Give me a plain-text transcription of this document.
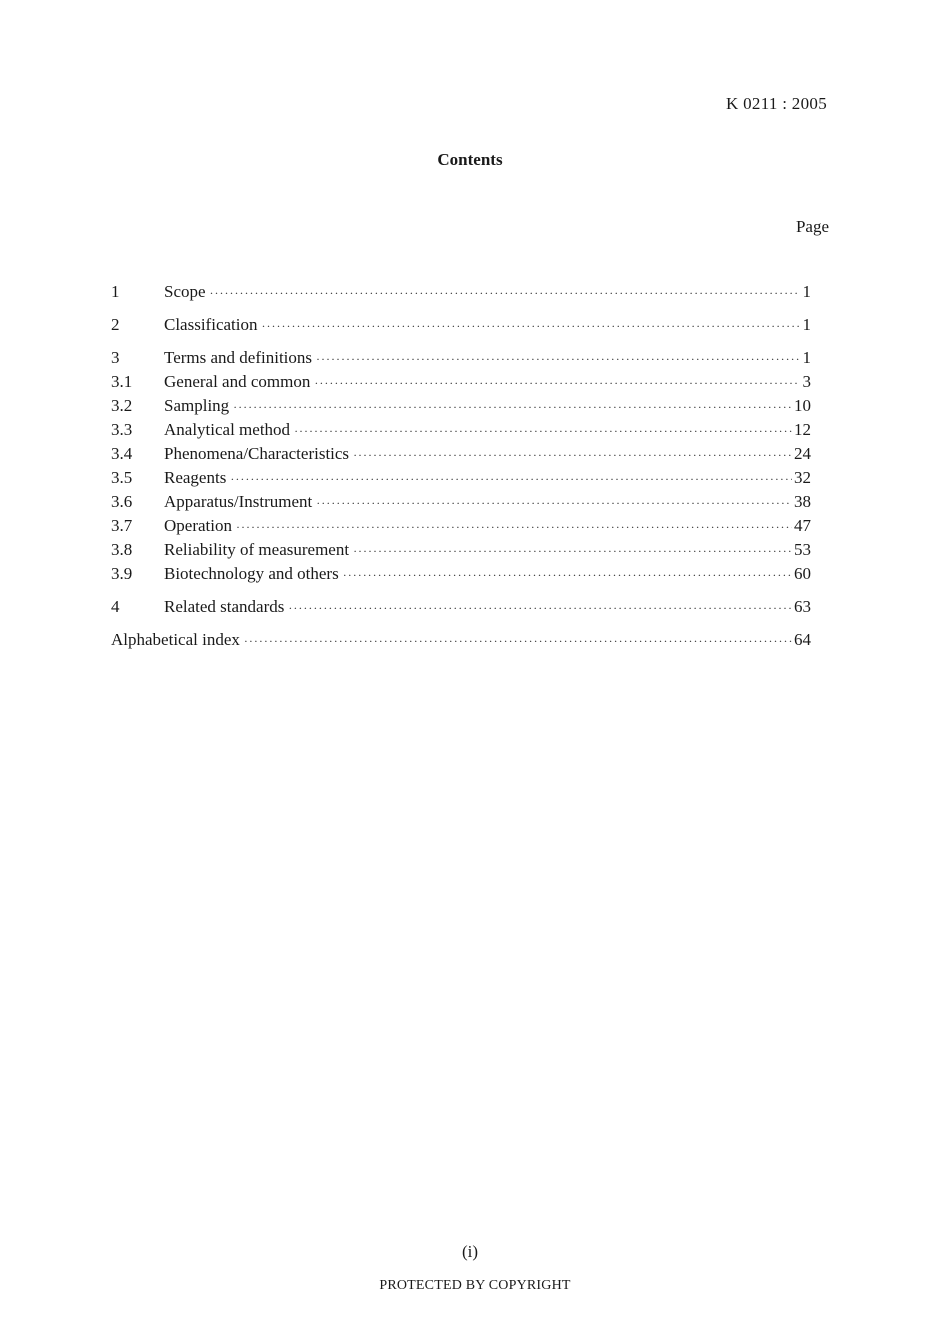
K 0211 : 2005
Contents
Page
1	Scope ·····	1
2	Classification ·····	1
3	Terms and definitions ·····	1
3.1	General and common ·····	3
3.2	Sampling ·····	10
3.3	Analytical method ·····	12
3.4	Phenomena/Characteristics ·····	24
3.5	Reagents ·····	32
3.6	Apparatus/Instrument ·····	38
3.7	Operation ·····	47
3.8	Reliability of measurement ·····	53
3.9	Biotechnology and others ·····	60
4	Related standards ·····	63
Alphabetical index ·····	64
(i)
PROTECTED BY COPYRIGHT
